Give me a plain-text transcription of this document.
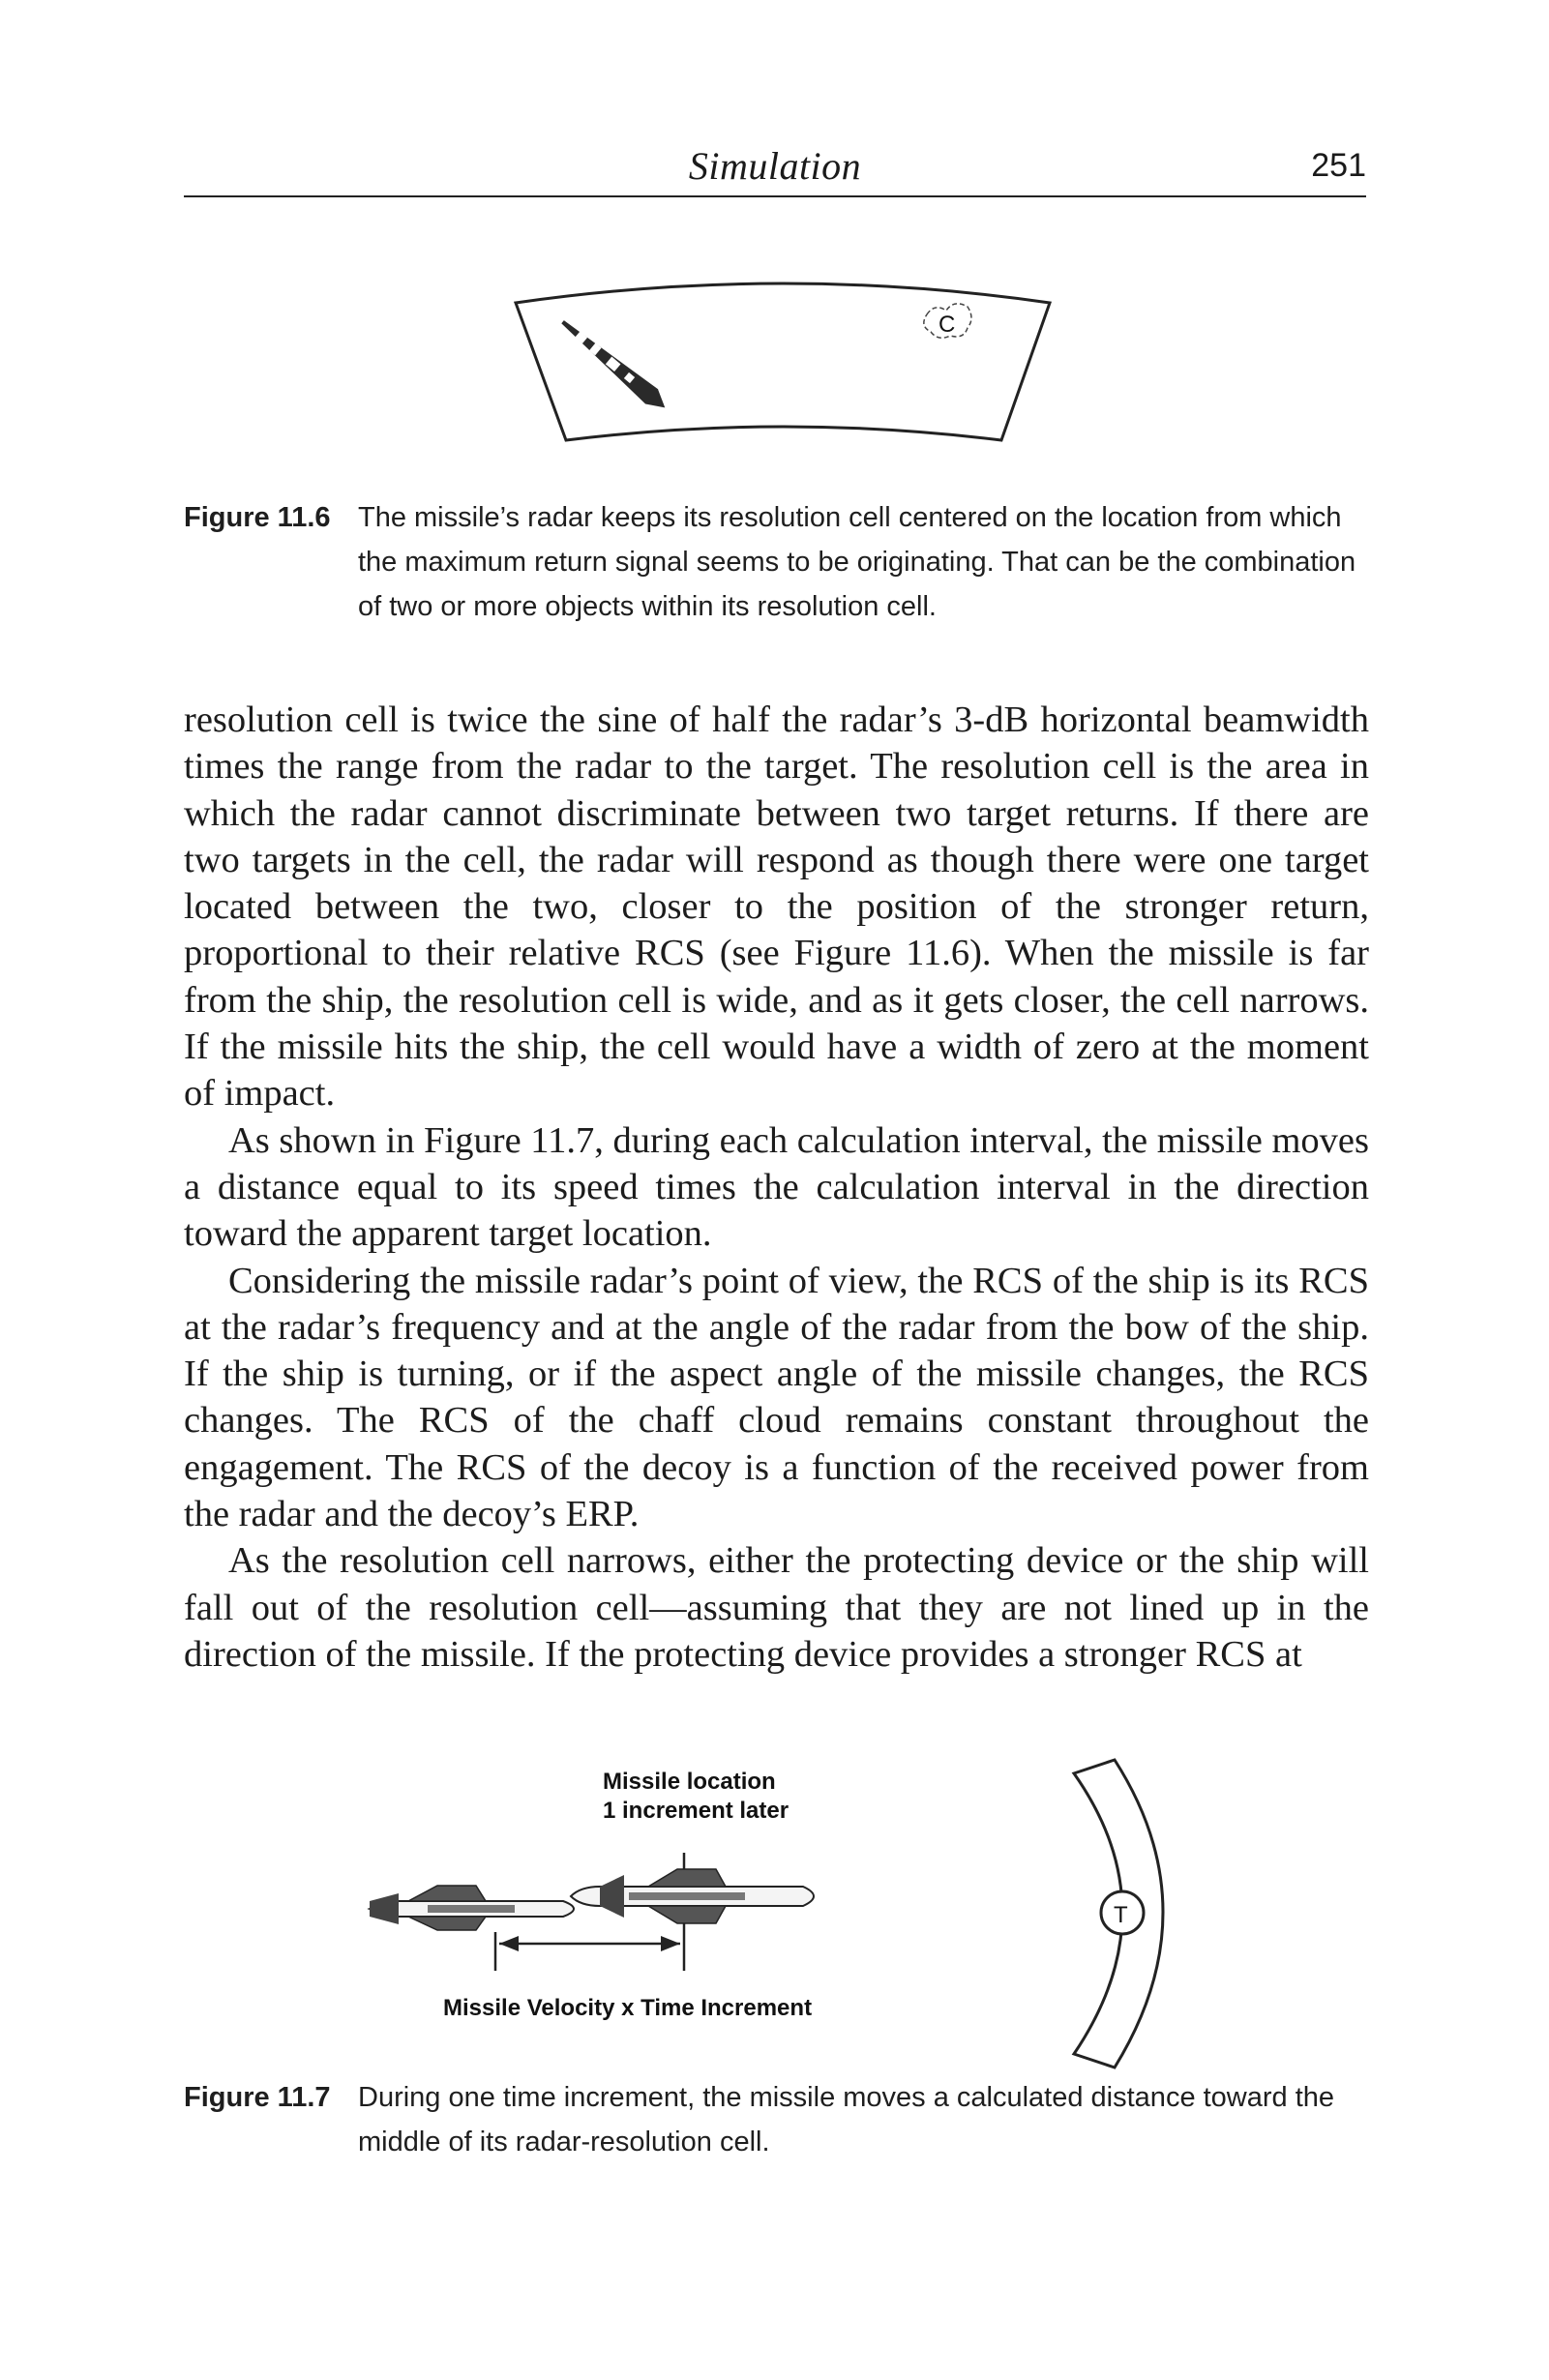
Simulation	251
C
Figure 11.6 The missile’s radar keeps its resolution cell centered on the location from which the maximum return signal seems to be originating. That can be the combination of two or more objects within its resolution cell.

resolution cell is twice the sine of half the radar’s 3-dB horizontal beamwidth times the range from the radar to the target. The resolution cell is the area in which the radar cannot discriminate between two target returns. If there are two targets in the cell, the radar will respond as though there were one target located between the two, closer to the position of the stronger return, proportional to their relative RCS (see Figure 11.6). When the missile is far from the ship, the resolution cell is wide, and as it gets closer, the cell narrows. If the missile hits the ship, the cell would have a width of zero at the moment of impact.

As shown in Figure 11.7, during each calculation interval, the missile moves a distance equal to its speed times the calculation interval in the direction toward the apparent target location.

Considering the missile radar’s point of view, the RCS of the ship is its RCS at the radar’s frequency and at the angle of the radar from the bow of the ship. If the ship is turning, or if the aspect angle of the missile changes, the RCS changes. The RCS of the chaff cloud remains constant throughout the engagement. The RCS of the decoy is a function of the received power from the radar and the decoy’s ERP.

As the resolution cell narrows, either the protecting device or the ship will fall out of the resolution cell—assuming that they are not lined up in the direction of the missile. If the protecting device provides a stronger RCS at

Missile location
1 increment later
Missile Velocity x Time Increment
T
Figure 11.7 During one time increment, the missile moves a calculated distance toward the middle of its radar-resolution cell.
